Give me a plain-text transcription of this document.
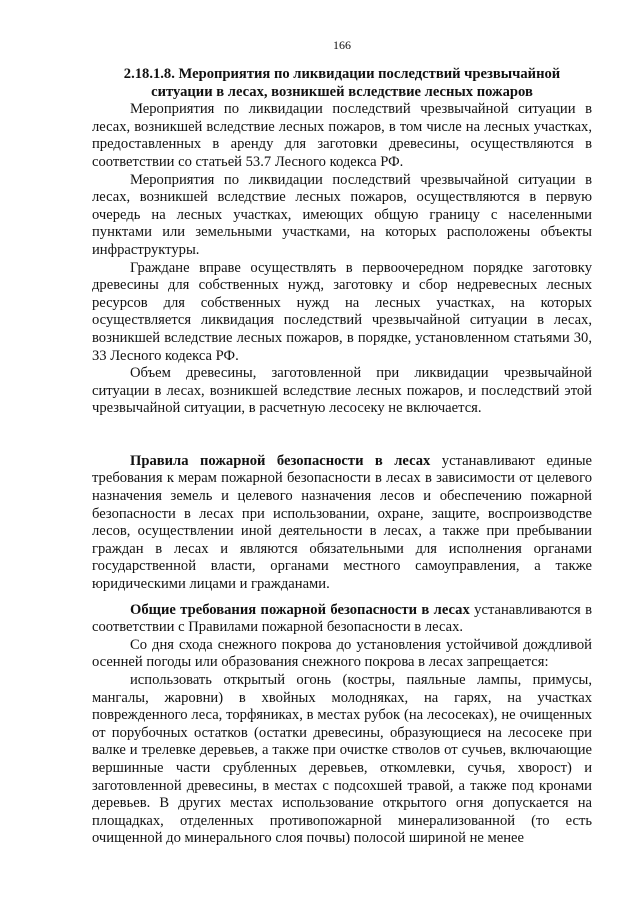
166
2.18.1.8. Мероприятия по ликвидации последствий чрезвычайной ситуации в лесах, возникшей вследствие лесных пожаров

Мероприятия по ликвидации последствий чрезвычайной ситуации в лесах, возникшей вследствие лесных пожаров, в том числе на лесных участках, предоставленных в аренду для заготовки древесины, осуществляются в соответствии со статьей 53.7 Лесного кодекса РФ.

Мероприятия по ликвидации последствий чрезвычайной ситуации в лесах, возникшей вследствие лесных пожаров, осуществляются в первую очередь на лесных участках, имеющих общую границу с населенными пунктами или земельными участками, на которых расположены объекты инфраструктуры.

Граждане вправе осуществлять в первоочередном порядке заготовку древесины для собственных нужд, заготовку и сбор недревесных лесных ресурсов для собственных нужд на лесных участках, на которых осуществляется ликвидация последствий чрезвычайной ситуации в лесах, возникшей вследствие лесных пожаров, в порядке, установленном статьями 30, 33 Лесного кодекса РФ.

Объем древесины, заготовленной при ликвидации чрезвычайной ситуации в лесах, возникшей вследствие лесных пожаров, и последствий этой чрезвычайной ситуации, в расчетную лесосеку не включается.

Правила пожарной безопасности в лесах устанавливают единые требования к мерам пожарной безопасности в лесах в зависимости от целевого назначения земель и целевого назначения лесов и обеспечению пожарной безопасности в лесах при использовании, охране, защите, воспроизводстве лесов, осуществлении иной деятельности в лесах, а также при пребывании граждан в лесах и являются обязательными для исполнения органами государственной власти, органами местного самоуправления, а также юридическими лицами и гражданами.

Общие требования пожарной безопасности в лесах устанавливаются в соответствии с Правилами пожарной безопасности в лесах.

Со дня схода снежного покрова до установления устойчивой дождливой осенней погоды или образования снежного покрова в лесах запрещается:

использовать открытый огонь (костры, паяльные лампы, примусы, мангалы, жаровни) в хвойных молодняках, на гарях, на участках поврежденного леса, торфяниках, в местах рубок (на лесосеках), не очищенных от порубочных остатков (остатки древесины, образующиеся на лесосеке при валке и трелевке деревьев, а также при очистке стволов от сучьев, включающие вершинные части срубленных деревьев, откомлевки, сучья, хворост) и заготовленной древесины, в местах с подсохшей травой, а также под кронами деревьев. В других местах использование открытого огня допускается на площадках, отделенных противопожарной минерализованной (то есть очищенной до минерального слоя почвы) полосой шириной не менее
